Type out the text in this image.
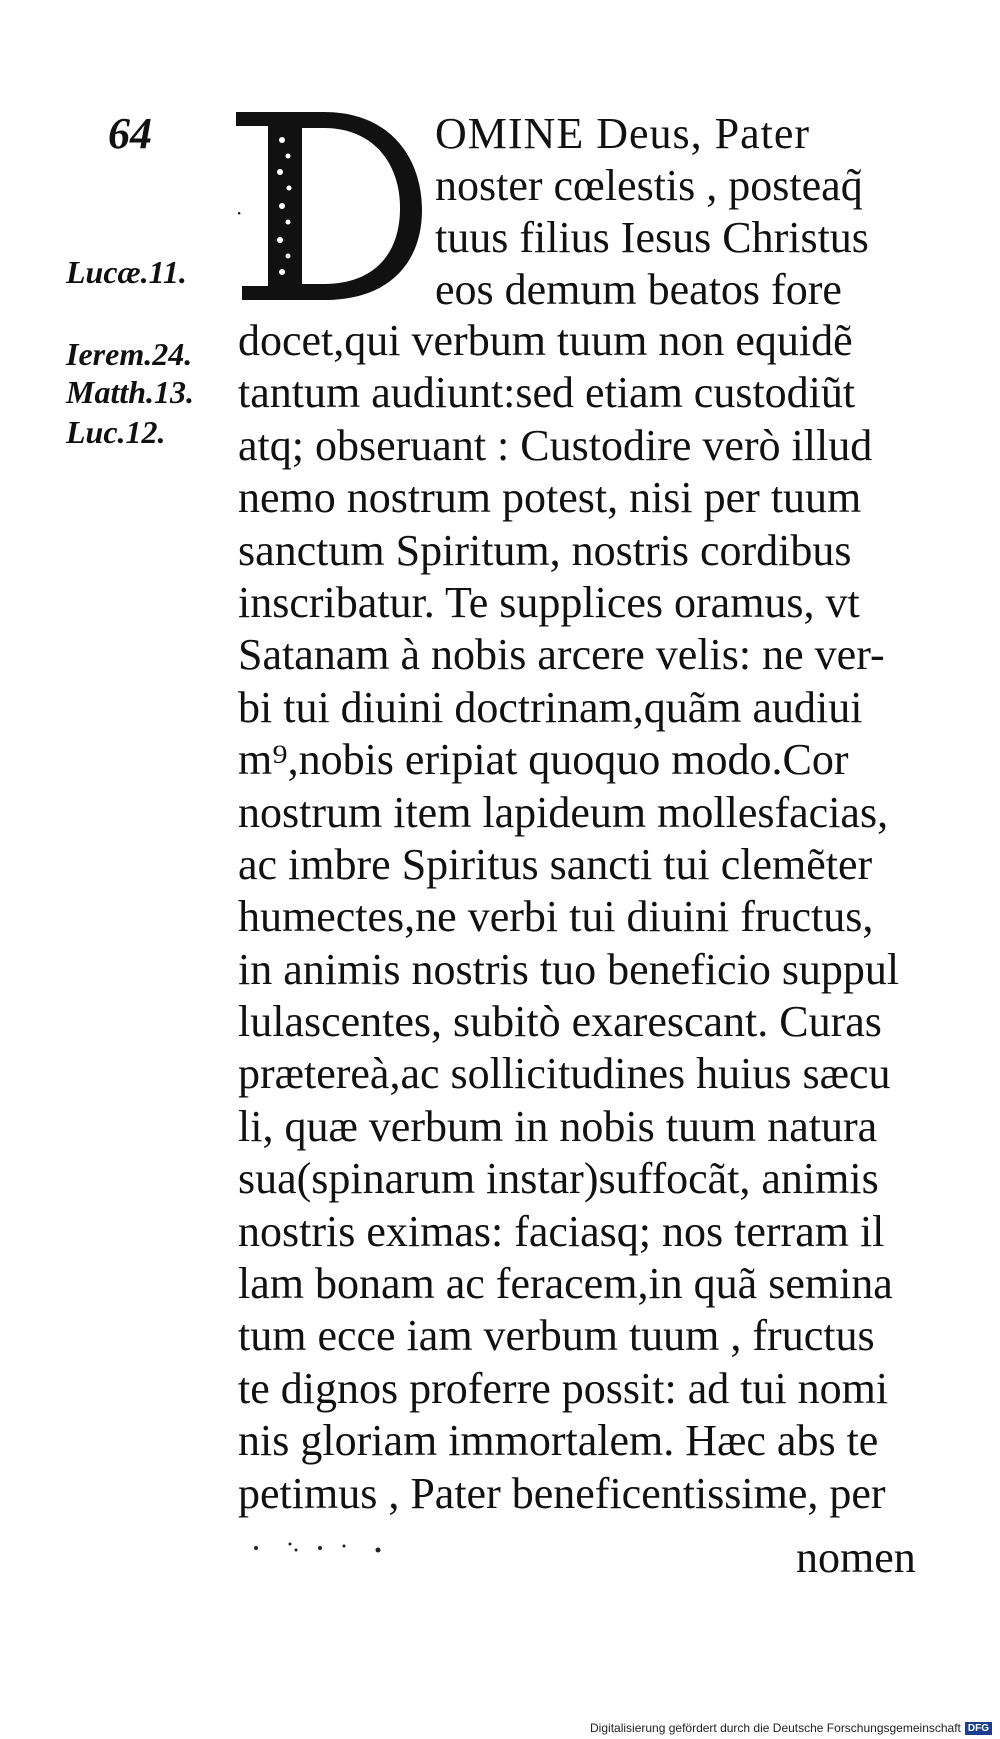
64
Lucæ.11.
Ierem.24.
Matth.13.
Luc.12.
·
OMINE Deus, Pater
noster cœlestis , posteaq̃
tuus filius Iesus Christus
eos demum beatos fore
docet,qui verbum tuum non equidẽ
tantum audiunt:sed etiam custodiũt
atq; obseruant : Custodire verò illud
nemo nostrum potest, nisi per tuum
sanctum Spiritum, nostris cordibus
inscribatur. Te supplices oramus, vt
Satanam à nobis arcere velis: ne ver-
bi tui diuini doctrinam,quãm audiui
m⁹,nobis eripiat quoquo modo.Cor
nostrum item lapideum mollesfacias,
ac imbre Spiritus sancti tui clemẽter
humectes,ne verbi tui diuini fructus,
in animis nostris tuo beneficio suppul
lulascentes, subitò exarescant. Curas
prætereà,ac sollicitudines huius sæcu
li, quæ verbum in nobis tuum natura
sua(spinarum instar)suffocãt, animis
nostris eximas: faciasq; nos terram il
lam bonam ac feracem,in quã semina
tum ecce iam verbum tuum , fructus
te dignos proferre possit: ad tui nomi
nis gloriam immortalem. Hæc abs te
petimus , Pater beneficentissime, per
nomen
Digitalisierung gefördert durch die Deutsche Forschungsgemeinschaft DFG
